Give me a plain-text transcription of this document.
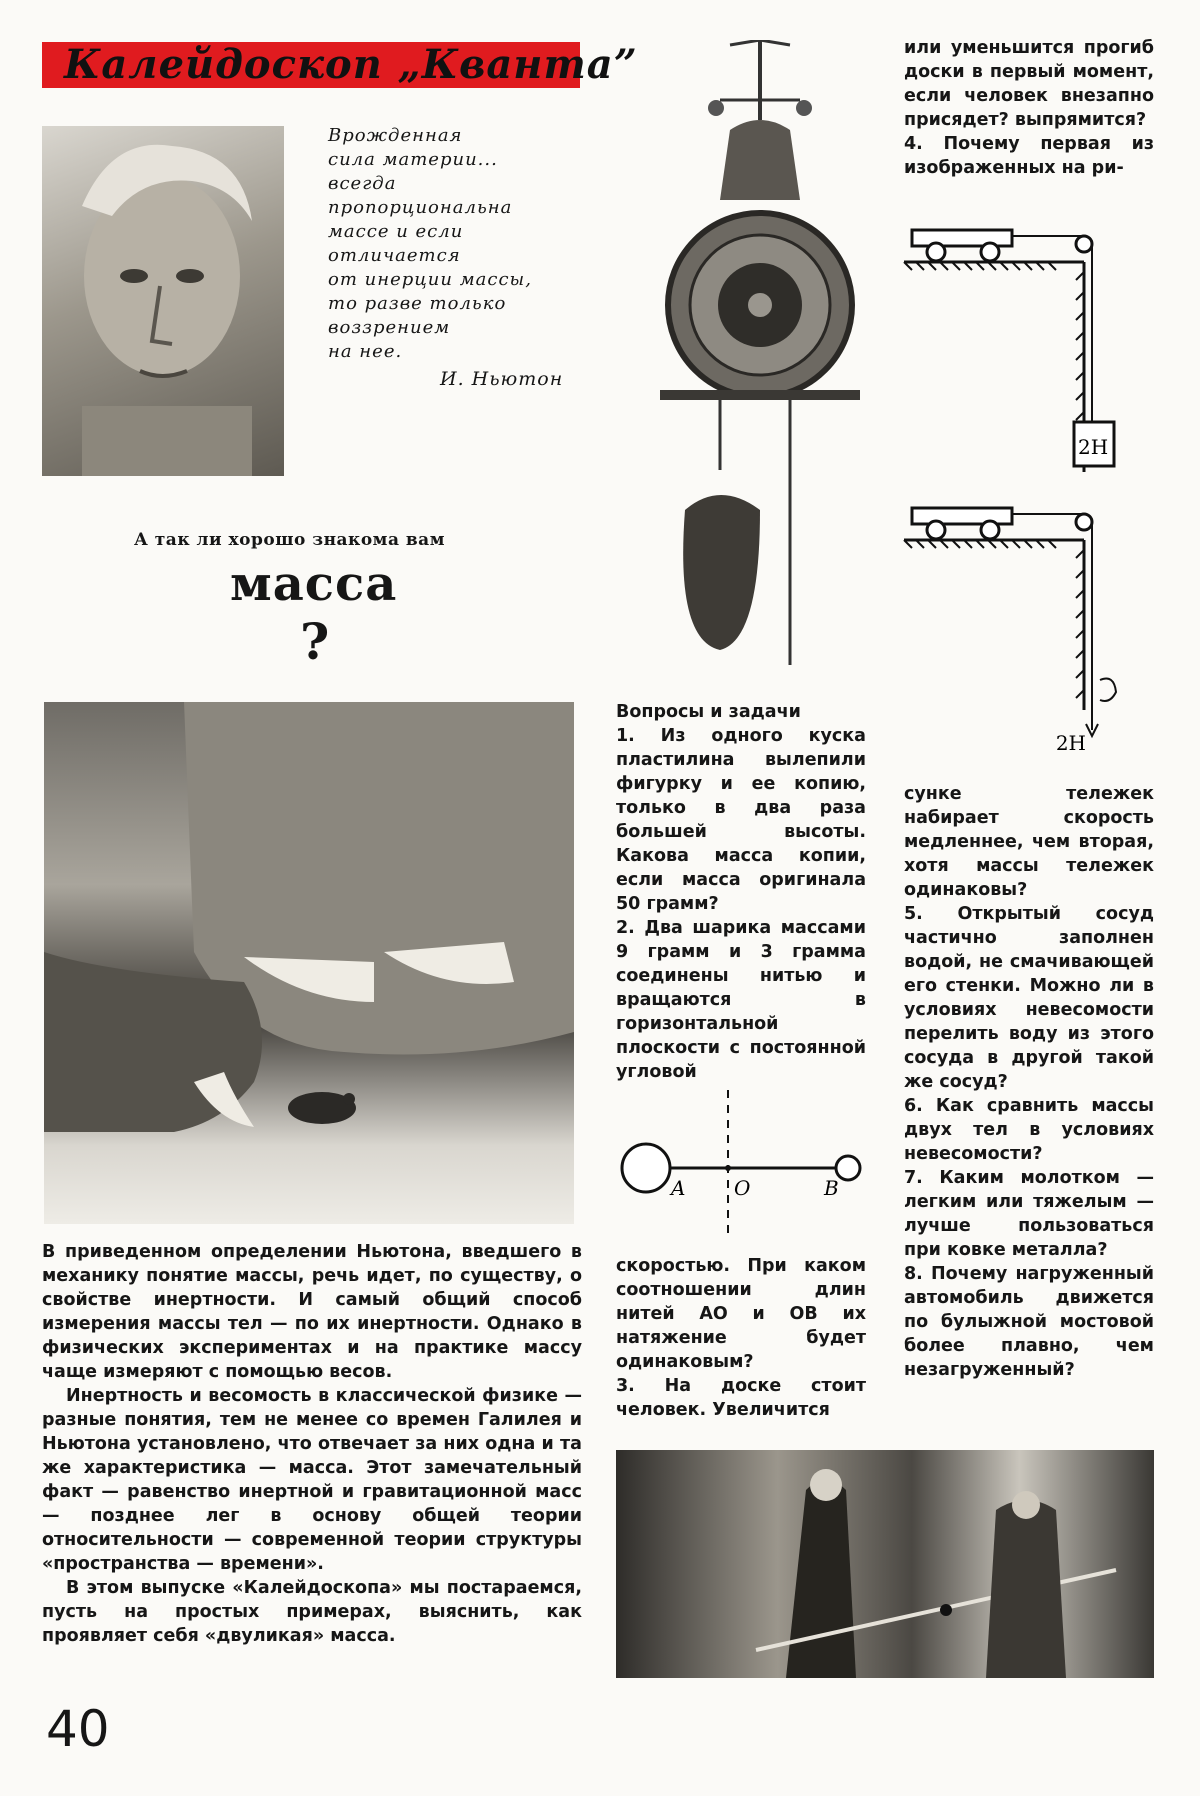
Калейдоскоп „Кванта”
Врожденная
сила материи...
всегда
пропорциональна
массе и если
отличается
от инерции массы,
то разве только
воззрением
на нее.
И. Ньютон
А так ли хорошо знакома вам
масса
?

В приведенном определении Ньютона, введшего в механику понятие массы, речь идет, по существу, о свойстве инертности. И самый общий способ измерения массы тел — по их инертности. Однако в физических экспериментах и на практике массу чаще измеряют с помощью весов.

Инертность и весомость в классической физике — разные понятия, тем не менее со времен Галилея и Ньютона установлено, что отвечает за них одна и та же характеристика — масса. Этот замечательный факт — равенство инертной и гравитационной масс — позднее лег в основу общей теории относительности — современной теории структуры «пространства — времени».

В этом выпуске «Калейдоскопа» мы постараемся, пусть на простых примерах, выяснить, как проявляет себя «двуликая» масса.

Вопросы и задачи

1. Из одного куска пластилина вылепили фигурку и ее копию, только в два раза большей высоты. Какова масса копии, если масса оригинала 50 грамм?
2. Два шарика массами 9 грамм и 3 грамма соединены нитью и вращаются в горизонтальной плоскости с постоянной угловой

A O	B

скоростью. При каком соотношении длин нитей AO и OB их натяжение будет одинаковым?
3. На доске стоит человек. Увеличится

или уменьшится прогиб доски в первый момент, если человек внезапно присядет? выпрямится?
4. Почему первая из изображенных на ри-

2H
2H

сунке тележек набирает скорость медленнее, чем вторая, хотя массы тележек одинаковы?
5. Открытый сосуд частично заполнен водой, не смачивающей его стенки. Можно ли в условиях невесомости перелить воду из этого сосуда в другой такой же сосуд?
6. Как сравнить массы двух тел в условиях невесомости?
7. Каким молотком — легким или тяжелым — лучше пользоваться при ковке металла?
8. Почему нагруженный автомобиль движется по булыжной мостовой более плавно, чем незагруженный?

40
